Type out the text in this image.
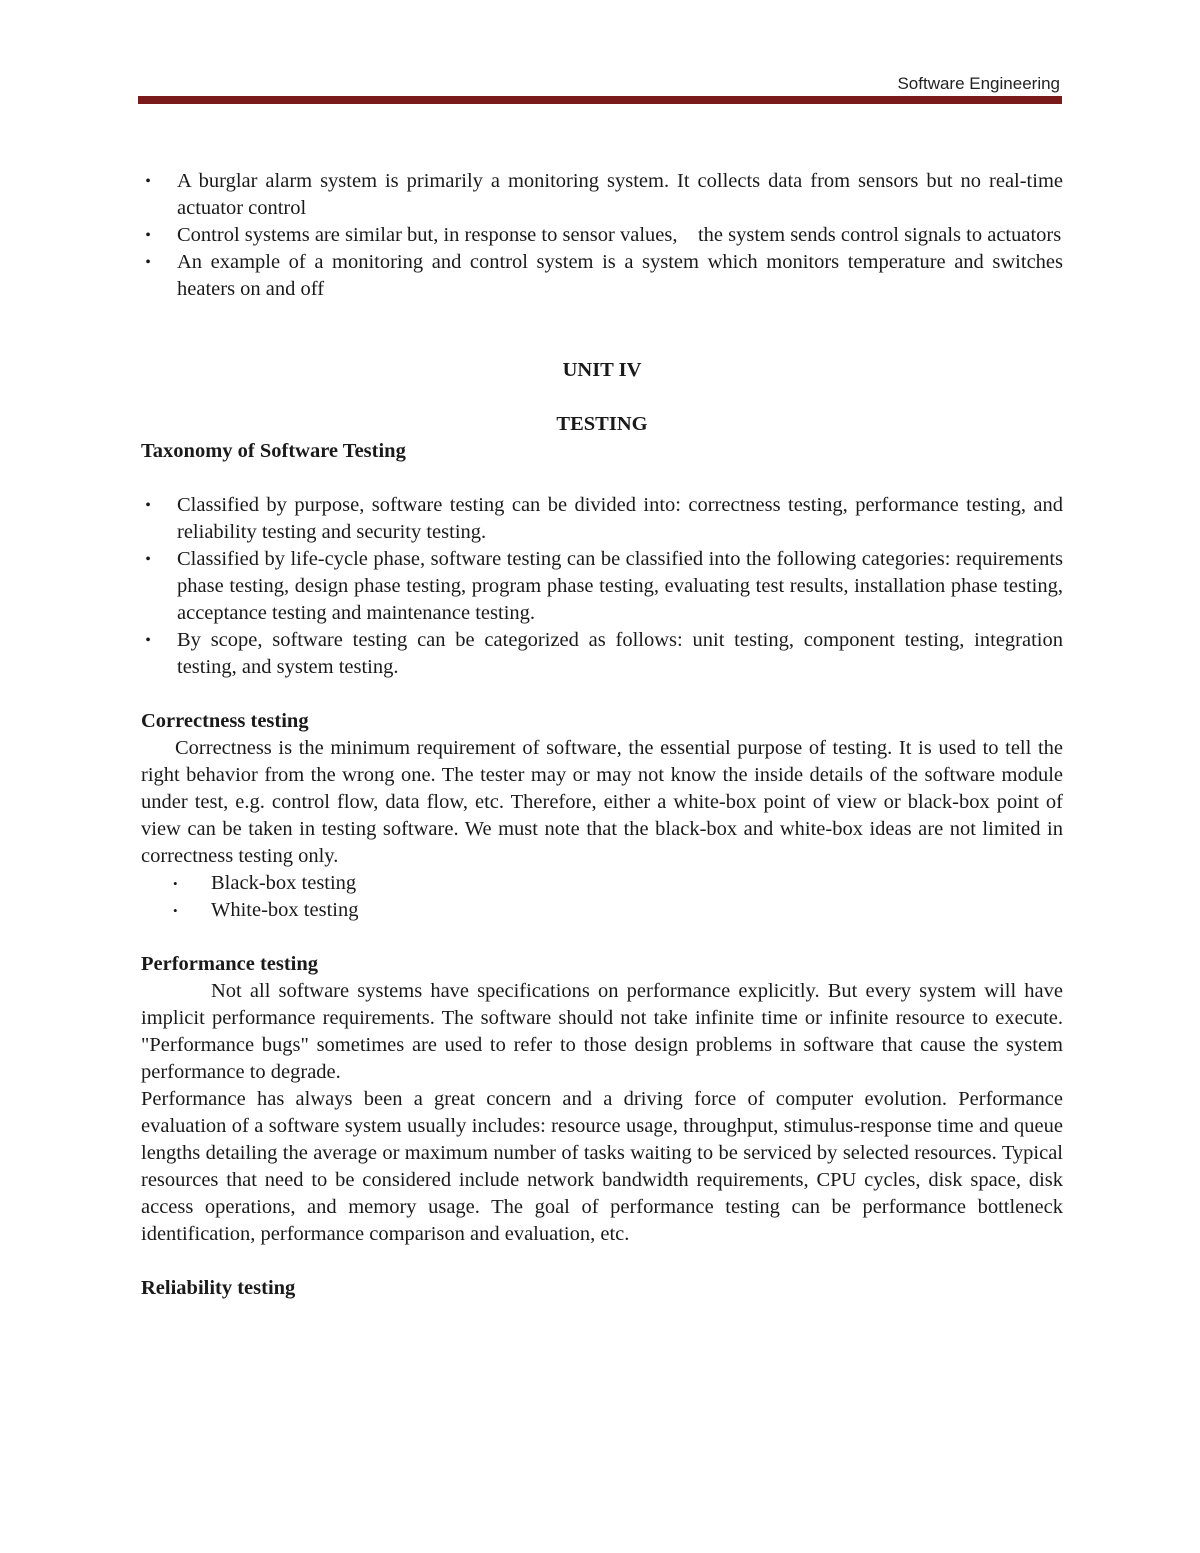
Software Engineering
• A burglar alarm system is primarily a monitoring system. It collects data from sensors but no real-time actuator control
• Control systems are similar but, in response to sensor values,    the system sends control signals to actuators
• An example of a monitoring and control system is a system which monitors temperature and switches heaters on and off
UNIT IV
TESTING
Taxonomy of Software Testing
• Classified by purpose, software testing can be divided into: correctness testing, performance testing, and reliability testing and security testing.
• Classified by life-cycle phase, software testing can be classified into the following categories: requirements phase testing, design phase testing, program phase testing, evaluating test results, installation phase testing, acceptance testing and maintenance testing.
• By scope, software testing can be categorized as follows: unit testing, component testing, integration testing, and system testing.
Correctness testing

Correctness is the minimum requirement of software, the essential purpose of testing. It is used to tell the right behavior from the wrong one. The tester may or may not know the inside details of the software module under test, e.g. control flow, data flow, etc. Therefore, either a white-box point of view or black-box point of view can be taken in testing software. We must note that the black-box and white-box ideas are not limited in correctness testing only.

• Black-box testing
• White-box testing
Performance testing

Not all software systems have specifications on performance explicitly. But every system will have implicit performance requirements. The software should not take infinite time or infinite resource to execute. "Performance bugs" sometimes are used to refer to those design problems in software that cause the system performance to degrade.

Performance has always been a great concern and a driving force of computer evolution. Performance evaluation of a software system usually includes: resource usage, throughput, stimulus-response time and queue lengths detailing the average or maximum number of tasks waiting to be serviced by selected resources. Typical resources that need to be considered include network bandwidth requirements, CPU cycles, disk space, disk access operations, and memory usage. The goal of performance testing can be performance bottleneck identification, performance comparison and evaluation, etc.

Reliability testing
